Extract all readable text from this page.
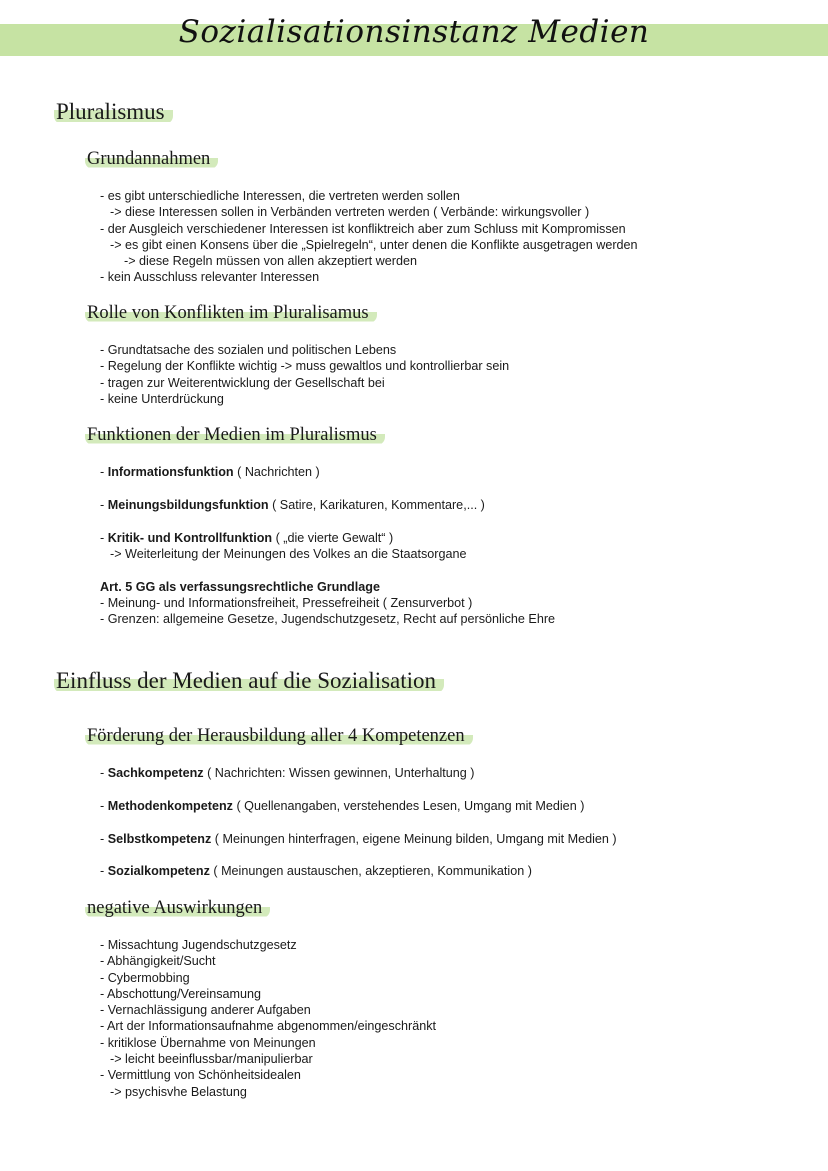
Sozialisationsinstanz Medien
Pluralismus
Grundannahmen
- es gibt unterschiedliche Interessen, die vertreten werden sollen
-> diese Interessen sollen in Verbänden vertreten werden ( Verbände: wirkungsvoller )
- der Ausgleich verschiedener Interessen ist konfliktreich aber zum Schluss mit Kompromissen
-> es gibt einen Konsens über die „Spielregeln“, unter denen die Konflikte ausgetragen werden
-> diese Regeln müssen von allen akzeptiert werden
- kein Ausschluss relevanter Interessen
Rolle von Konflikten im Pluralisamus
- Grundtatsache des sozialen und politischen Lebens
- Regelung der Konflikte wichtig -> muss gewaltlos und kontrollierbar sein
- tragen zur Weiterentwicklung der Gesellschaft bei
- keine Unterdrückung
Funktionen der Medien im Pluralismus
- Informationsfunktion ( Nachrichten )
- Meinungsbildungsfunktion ( Satire, Karikaturen, Kommentare,... )
- Kritik- und Kontrollfunktion ( „die vierte Gewalt“ )
-> Weiterleitung der Meinungen des Volkes an die Staatsorgane
Art. 5 GG als verfassungsrechtliche Grundlage
- Meinung- und Informationsfreiheit, Pressefreiheit ( Zensurverbot )
- Grenzen: allgemeine Gesetze, Jugendschutzgesetz, Recht auf persönliche Ehre
Einfluss der Medien auf die Sozialisation
Förderung der Herausbildung aller 4 Kompetenzen
- Sachkompetenz ( Nachrichten: Wissen gewinnen, Unterhaltung )
- Methodenkompetenz ( Quellenangaben, verstehendes Lesen, Umgang mit Medien )
- Selbstkompetenz ( Meinungen hinterfragen, eigene Meinung bilden, Umgang mit Medien )
- Sozialkompetenz ( Meinungen austauschen, akzeptieren, Kommunikation )
negative Auswirkungen
- Missachtung Jugendschutzgesetz
- Abhängigkeit/Sucht
- Cybermobbing
- Abschottung/Vereinsamung
- Vernachlässigung anderer Aufgaben
- Art der Informationsaufnahme abgenommen/eingeschränkt
- kritiklose Übernahme von Meinungen
-> leicht beeinflussbar/manipulierbar
- Vermittlung von Schönheitsidealen
-> psychisvhe Belastung
